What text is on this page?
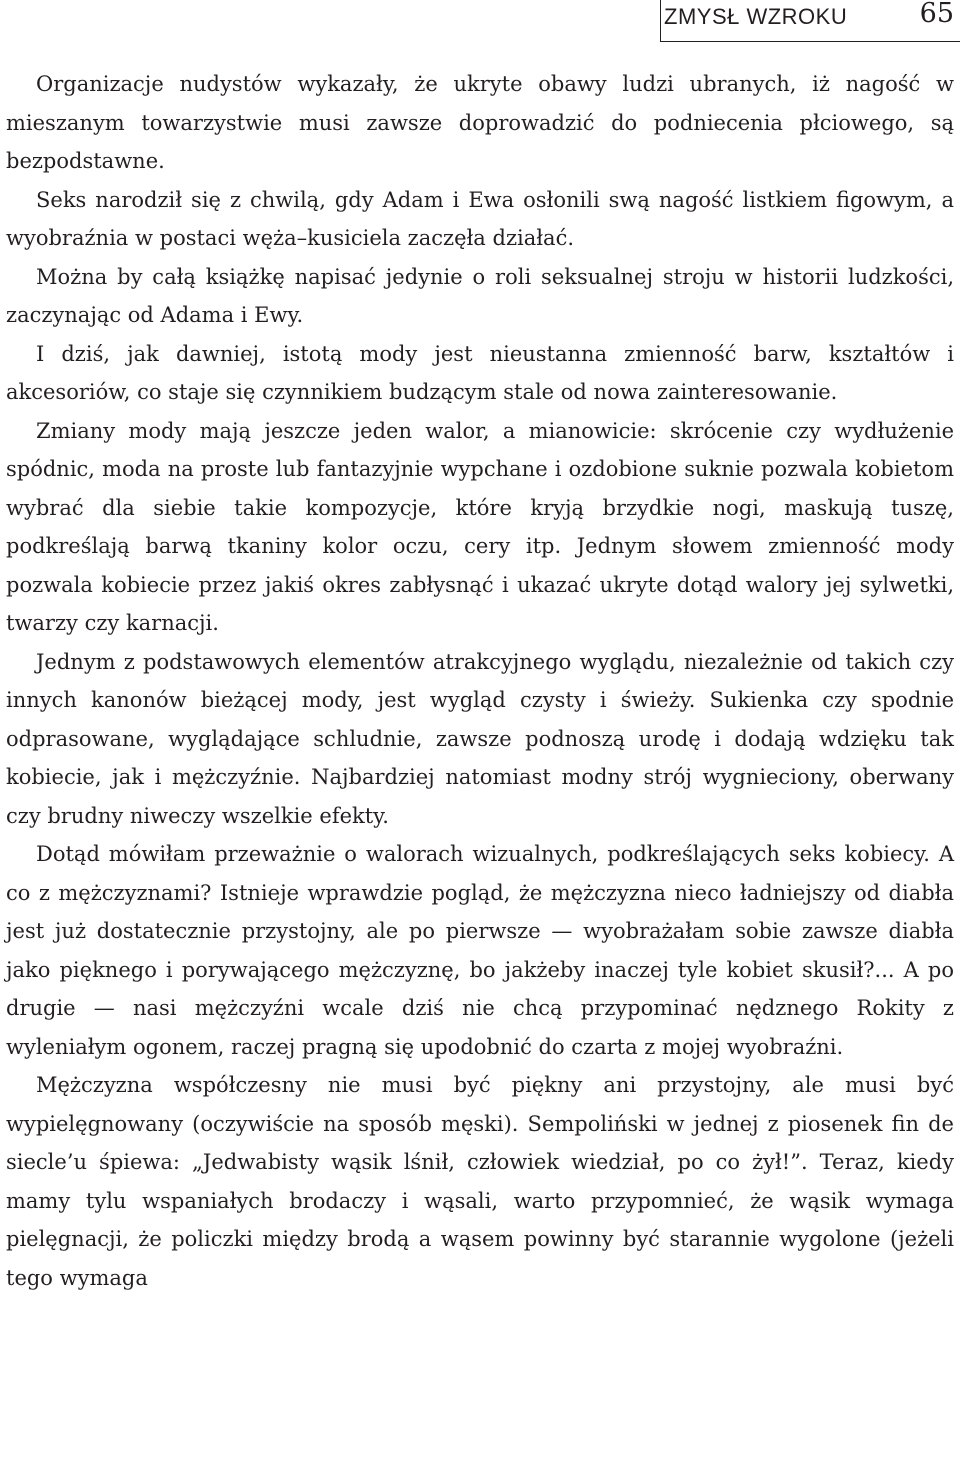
ZMYSŁ WZROKU	65

Organizacje nudystów wykazały, że ukryte obawy ludzi ubranych, iż nagość w mieszanym towarzystwie musi zawsze doprowadzić do podniecenia płciowego, są bezpodstawne.

Seks narodził się z chwilą, gdy Adam i Ewa osłonili swą nagość listkiem figowym, a wyobraźnia w postaci węża–kusiciela zaczęła działać.

Można by całą książkę napisać jedynie o roli seksualnej stroju w historii ludzkości, zaczynając od Adama i Ewy.

I dziś, jak dawniej, istotą mody jest nieustanna zmienność barw, kształtów i akcesoriów, co staje się czynnikiem budzącym stale od nowa zainteresowanie.

Zmiany mody mają jeszcze jeden walor, a mianowicie: skrócenie czy wydłużenie spódnic, moda na proste lub fantazyjnie wypchane i ozdobione suknie pozwala kobietom wybrać dla siebie takie kompozycje, które kryją brzydkie nogi, maskują tuszę, podkreślają barwą tkaniny kolor oczu, cery itp. Jednym słowem zmienność mody pozwala kobiecie przez jakiś okres zabłysnąć i ukazać ukryte dotąd walory jej sylwetki, twarzy czy karnacji.

Jednym z podstawowych elementów atrakcyjnego wyglądu, niezależnie od takich czy innych kanonów bieżącej mody, jest wygląd czysty i świeży. Sukienka czy spodnie odprasowane, wyglądające schludnie, zawsze podnoszą urodę i dodają wdzięku tak kobiecie, jak i mężczyźnie. Najbardziej natomiast modny strój wygnieciony, oberwany czy brudny niweczy wszelkie efekty.

Dotąd mówiłam przeważnie o walorach wizualnych, podkreślających seks kobiecy. A co z mężczyznami? Istnieje wprawdzie pogląd, że mężczyzna nieco ładniejszy od diabła jest już dostatecznie przystojny, ale po pierwsze — wyobrażałam sobie zawsze diabła jako pięknego i porywającego mężczyznę, bo jakżeby inaczej tyle kobiet skusił?... A po drugie — nasi mężczyźni wcale dziś nie chcą przypominać nędznego Rokity z wyleniałym ogonem, raczej pragną się upodobnić do czarta z mojej wyobraźni.

Mężczyzna współczesny nie musi być piękny ani przystojny, ale musi być wypielęgnowany (oczywiście na sposób męski). Sempoliński w jednej z piosenek fin de siecle’u śpiewa: „Jedwabisty wąsik lśnił, człowiek wiedział, po co żył!”. Teraz, kiedy mamy tylu wspaniałych brodaczy i wąsali, warto przypomnieć, że wąsik wymaga pielęgnacji, że policzki między brodą a wąsem powinny być starannie wygolone (jeżeli tego wymaga
